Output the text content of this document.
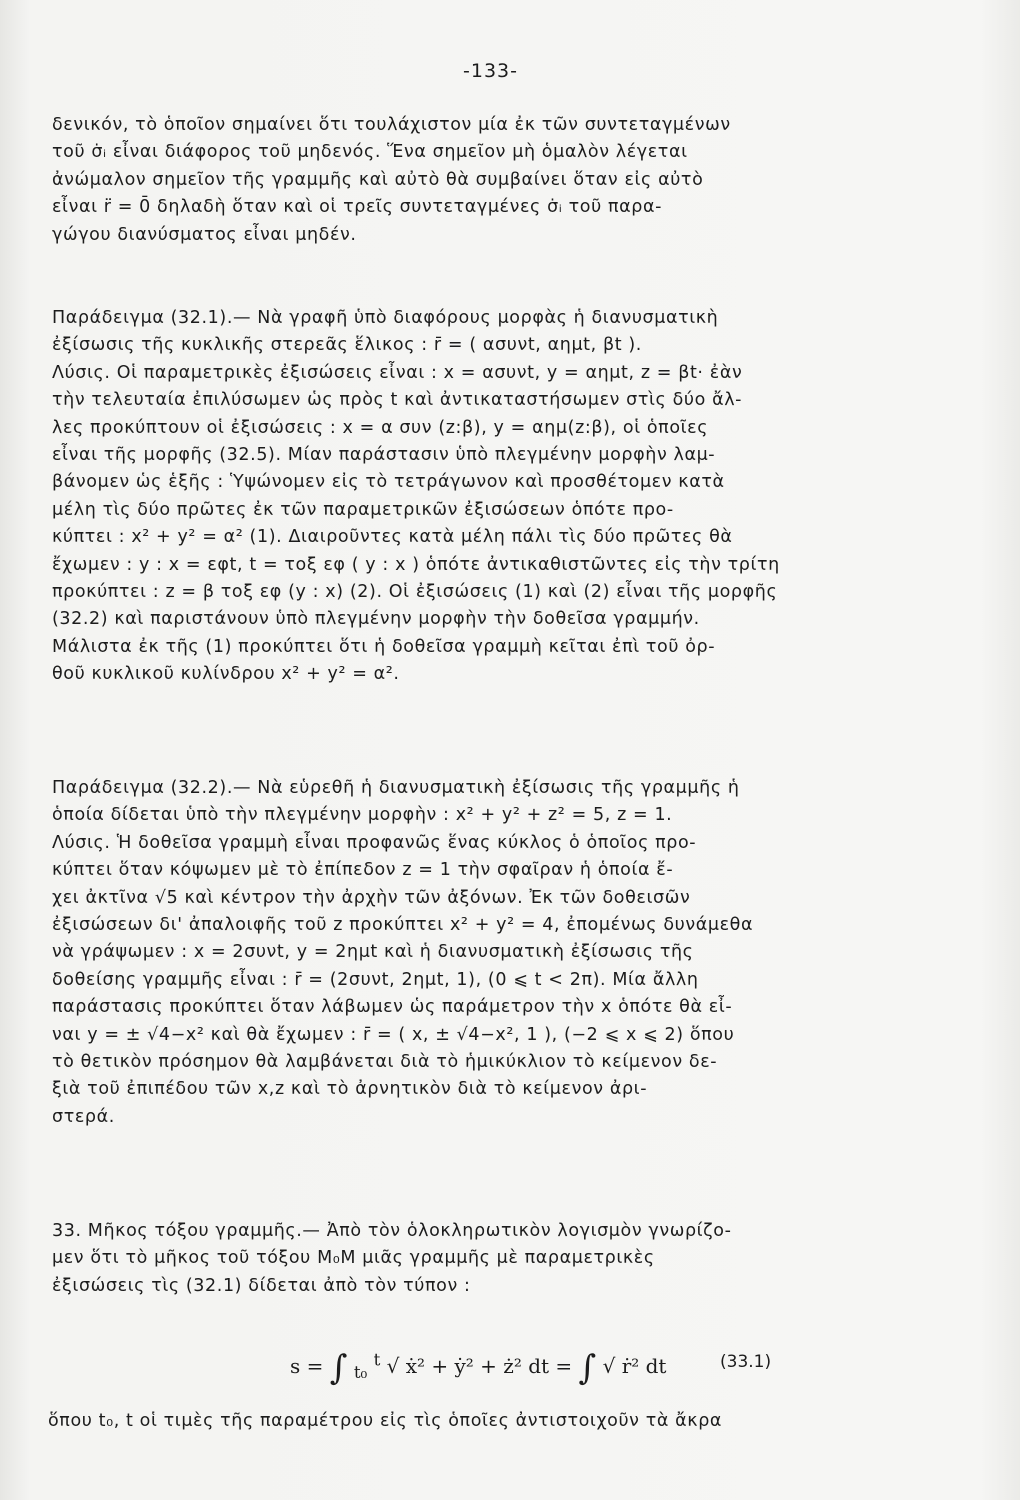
-133-
δενικόν, τὸ ὁποῖον σημαίνει ὅτι τουλάχιστον μία ἐκ τῶν συντεταγμένων
τοῦ σ̇ᵢ εἶναι διάφορος τοῦ μηδενός. Ἕνα σημεῖον μὴ ὁμαλὸν λέγεται
ἀνώμαλον σημεῖον τῆς γραμμῆς καὶ αὐτὸ θὰ συμβαίνει ὅταν εἰς αὐτὸ
εἶναι r̈ = 0̄ δηλαδὴ ὅταν καὶ οἱ τρεῖς συντεταγμένες σ̇ᵢ τοῦ παρα-
γώγου διανύσματος εἶναι μηδέν.
Παράδειγμα (32.1).— Νὰ γραφῆ ὑπὸ διαφόρους μορφὰς ἡ διανυσματικὴ
ἐξίσωσις τῆς κυκλικῆς στερεᾶς ἕλικος : r̄ = ( ασυνt, αημt, βt ).
Λύσις. Οἱ παραμετρικὲς ἐξισώσεις εἶναι : x = ασυνt, y = αημt, z = βt· ἐὰν
τὴν τελευταία ἐπιλύσωμεν ὡς πρὸς t καὶ ἀντικαταστήσωμεν στὶς δύο ἄλ-
λες προκύπτουν οἱ ἐξισώσεις : x = α συν (z:β), y = αημ(z:β), οἱ ὁποῖες
εἶναι τῆς μορφῆς (32.5). Μίαν παράστασιν ὑπὸ πλεγμένην μορφὴν λαμ-
βάνομεν ὡς ἑξῆς : Ὑψώνομεν εἰς τὸ τετράγωνον καὶ προσθέτομεν κατὰ
μέλη τὶς δύο πρῶτες ἐκ τῶν παραμετρικῶν ἐξισώσεων ὁπότε προ-
κύπτει : x² + y² = α² (1). Διαιροῦντες κατὰ μέλη πάλι τὶς δύο πρῶτες θὰ
ἔχωμεν : y : x = εφt, t = τοξ εφ ( y : x ) ὁπότε ἀντικαθιστῶντες εἰς τὴν τρίτη
προκύπτει : z = β τοξ εφ (y : x) (2). Οἱ ἐξισώσεις (1) καὶ (2) εἶναι τῆς μορφῆς
(32.2) καὶ παριστάνουν ὑπὸ πλεγμένην μορφὴν τὴν δοθεῖσα γραμμήν.
Μάλιστα ἐκ τῆς (1) προκύπτει ὅτι ἡ δοθεῖσα γραμμὴ κεῖται ἐπὶ τοῦ ὀρ-
θοῦ κυκλικοῦ κυλίνδρου x² + y² = α².
Παράδειγμα (32.2).— Νὰ εὑρεθῆ ἡ διανυσματικὴ ἐξίσωσις τῆς γραμμῆς ἡ
ὁποία δίδεται ὑπὸ τὴν πλεγμένην μορφὴν : x² + y² + z² = 5, z = 1.
Λύσις. Ἡ δοθεῖσα γραμμὴ εἶναι προφανῶς ἕνας κύκλος ὁ ὁποῖος προ-
κύπτει ὅταν κόψωμεν μὲ τὸ ἐπίπεδον z = 1 τὴν σφαῖραν ἡ ὁποία ἔ-
χει ἀκτῖνα √5 καὶ κέντρον τὴν ἀρχὴν τῶν ἀξόνων. Ἐκ τῶν δοθεισῶν
ἐξισώσεων δι' ἀπαλοιφῆς τοῦ z προκύπτει x² + y² = 4, ἐπομένως δυνάμεθα
νὰ γράψωμεν : x = 2συνt, y = 2ημt καὶ ἡ διανυσματικὴ ἐξίσωσις τῆς
δοθείσης γραμμῆς εἶναι : r̄ = (2συνt, 2ημt, 1), (0 ⩽ t < 2π). Μία ἄλλη
παράστασις προκύπτει ὅταν λάβωμεν ὡς παράμετρον τὴν x ὁπότε θὰ εἶ-
ναι y = ± √4−x² καὶ θὰ ἔχωμεν : r̄ = ( x, ± √4−x², 1 ), (−2 ⩽ x ⩽ 2) ὅπου
τὸ θετικὸν πρόσημον θὰ λαμβάνεται διὰ τὸ ἡμικύκλιον τὸ κείμενον δε-
ξιὰ τοῦ ἐπιπέδου τῶν x,z καὶ τὸ ἀρνητικὸν διὰ τὸ κείμενον ἀρι-
στερά.
33. Μῆκος τόξου γραμμῆς.— Ἀπὸ τὸν ὁλοκληρωτικὸν λογισμὸν γνωρίζο-
μεν ὅτι τὸ μῆκος τοῦ τόξου M₀M μιᾶς γραμμῆς μὲ παραμετρικὲς
ἐξισώσεις τὶς (32.1) δίδεται ἀπὸ τὸν τύπον :
s = ∫ $_{t_0}$ $^t$ √ ẋ² + ẏ² + ż² dt = ∫ √ ṙ² dt	(33.1)
ὅπου t₀, t οἱ τιμὲς τῆς παραμέτρου εἰς τὶς ὁποῖες ἀντιστοιχοῦν τὰ ἄκρα
